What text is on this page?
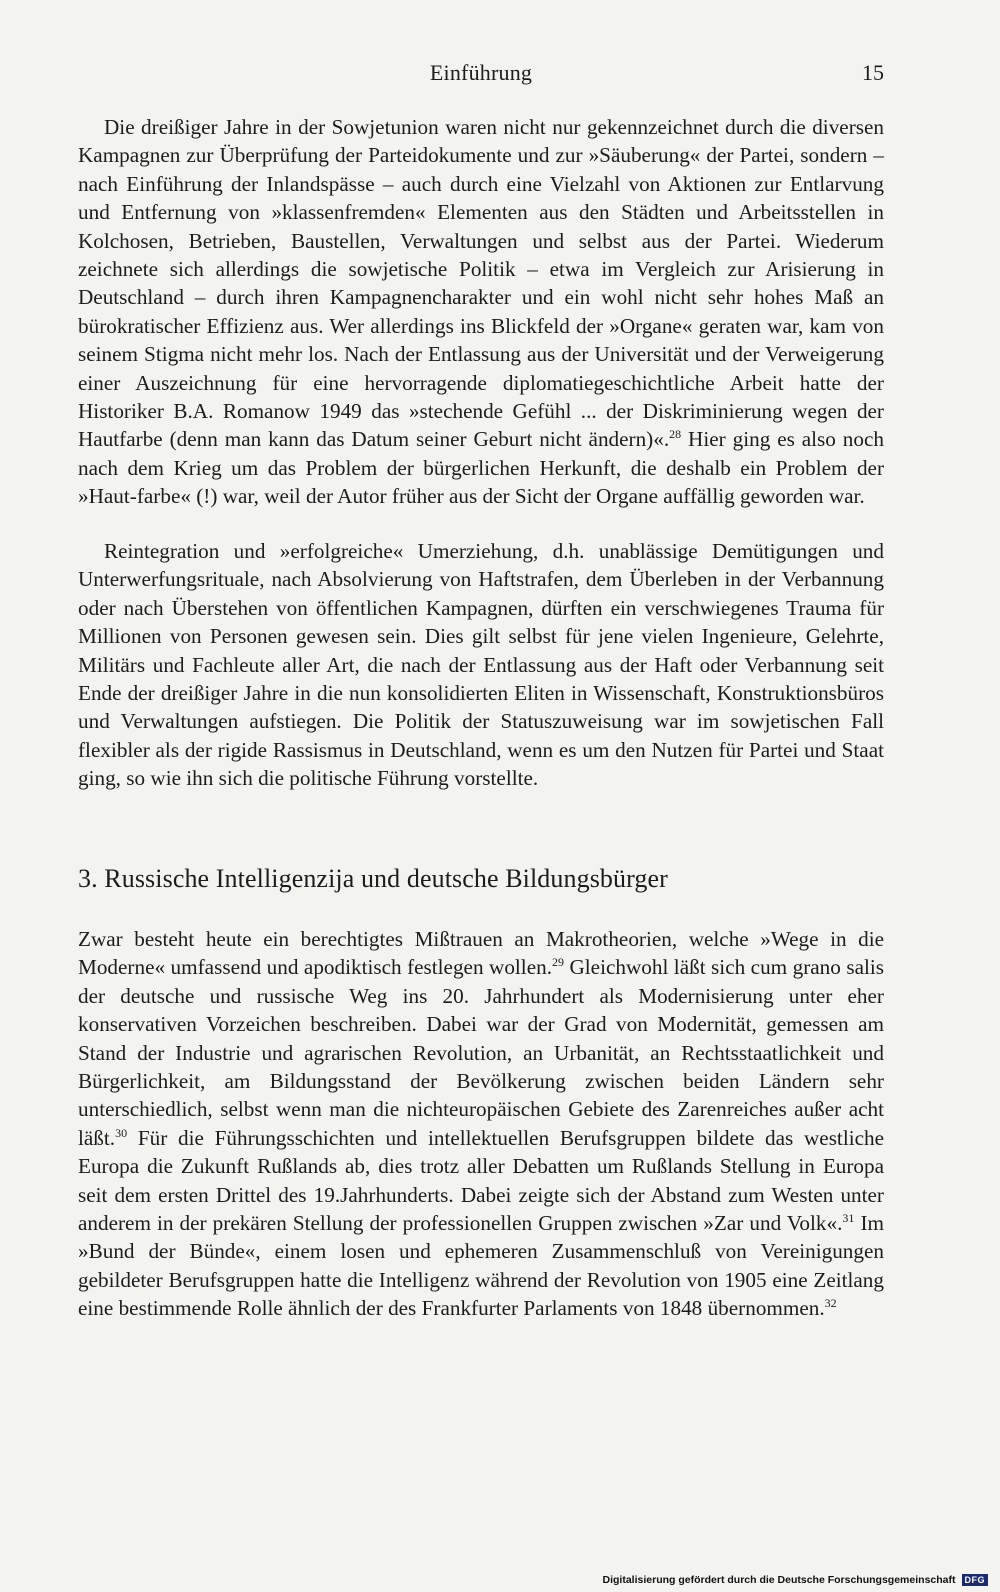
Einführung	15

Die dreißiger Jahre in der Sowjetunion waren nicht nur gekennzeichnet durch die diversen Kampagnen zur Überprüfung der Parteidokumente und zur »Säuberung« der Partei, sondern – nach Einführung der Inlandspässe – auch durch eine Vielzahl von Aktionen zur Entlarvung und Entfernung von »klassenfremden« Elementen aus den Städten und Arbeitsstellen in Kolchosen, Betrieben, Baustellen, Verwaltungen und selbst aus der Partei. Wiederum zeichnete sich allerdings die sowjetische Politik – etwa im Vergleich zur Arisierung in Deutschland – durch ihren Kampagnencharakter und ein wohl nicht sehr hohes Maß an bürokratischer Effizienz aus. Wer allerdings ins Blickfeld der »Organe« geraten war, kam von seinem Stigma nicht mehr los. Nach der Entlassung aus der Universität und der Verweigerung einer Auszeichnung für eine hervorragende diplomatiegeschichtliche Arbeit hatte der Historiker B.A. Romanow 1949 das »stechende Gefühl ... der Diskriminierung wegen der Hautfarbe (denn man kann das Datum seiner Geburt nicht ändern)«.$^{28}$ Hier ging es also noch nach dem Krieg um das Problem der bürgerlichen Herkunft, die deshalb ein Problem der »Haut-farbe« (!) war, weil der Autor früher aus der Sicht der Organe auffällig geworden war.

Reintegration und »erfolgreiche« Umerziehung, d.h. unablässige Demütigungen und Unterwerfungsrituale, nach Absolvierung von Haftstrafen, dem Überleben in der Verbannung oder nach Überstehen von öffentlichen Kampagnen, dürften ein verschwiegenes Trauma für Millionen von Personen gewesen sein. Dies gilt selbst für jene vielen Ingenieure, Gelehrte, Militärs und Fachleute aller Art, die nach der Entlassung aus der Haft oder Verbannung seit Ende der dreißiger Jahre in die nun konsolidierten Eliten in Wissenschaft, Konstruktionsbüros und Verwaltungen aufstiegen. Die Politik der Statuszuweisung war im sowjetischen Fall flexibler als der rigide Rassismus in Deutschland, wenn es um den Nutzen für Partei und Staat ging, so wie ihn sich die politische Führung vorstellte.

3. Russische Intelligenzija und deutsche Bildungsbürger

Zwar besteht heute ein berechtigtes Mißtrauen an Makrotheorien, welche »Wege in die Moderne« umfassend und apodiktisch festlegen wollen.$^{29}$ Gleichwohl läßt sich cum grano salis der deutsche und russische Weg ins 20. Jahrhundert als Modernisierung unter eher konservativen Vorzeichen beschreiben. Dabei war der Grad von Modernität, gemessen am Stand der Industrie und agrarischen Revolution, an Urbanität, an Rechtsstaatlichkeit und Bürgerlichkeit, am Bildungsstand der Bevölkerung zwischen beiden Ländern sehr unterschiedlich, selbst wenn man die nichteuropäischen Gebiete des Zarenreiches außer acht läßt.$^{30}$ Für die Führungsschichten und intellektuellen Berufsgruppen bildete das westliche Europa die Zukunft Rußlands ab, dies trotz aller Debatten um Rußlands Stellung in Europa seit dem ersten Drittel des 19.Jahrhunderts. Dabei zeigte sich der Abstand zum Westen unter anderem in der prekären Stellung der professionellen Gruppen zwischen »Zar und Volk«.$^{31}$ Im »Bund der Bünde«, einem losen und ephemeren Zusammenschluß von Vereinigungen gebildeter Berufsgruppen hatte die Intelligenz während der Revolution von 1905 eine Zeitlang eine bestimmende Rolle ähnlich der des Frankfurter Parlaments von 1848 übernommen.$^{32}$

Digitalisierung gefördert durch die Deutsche Forschungsgemeinschaft	DFG
